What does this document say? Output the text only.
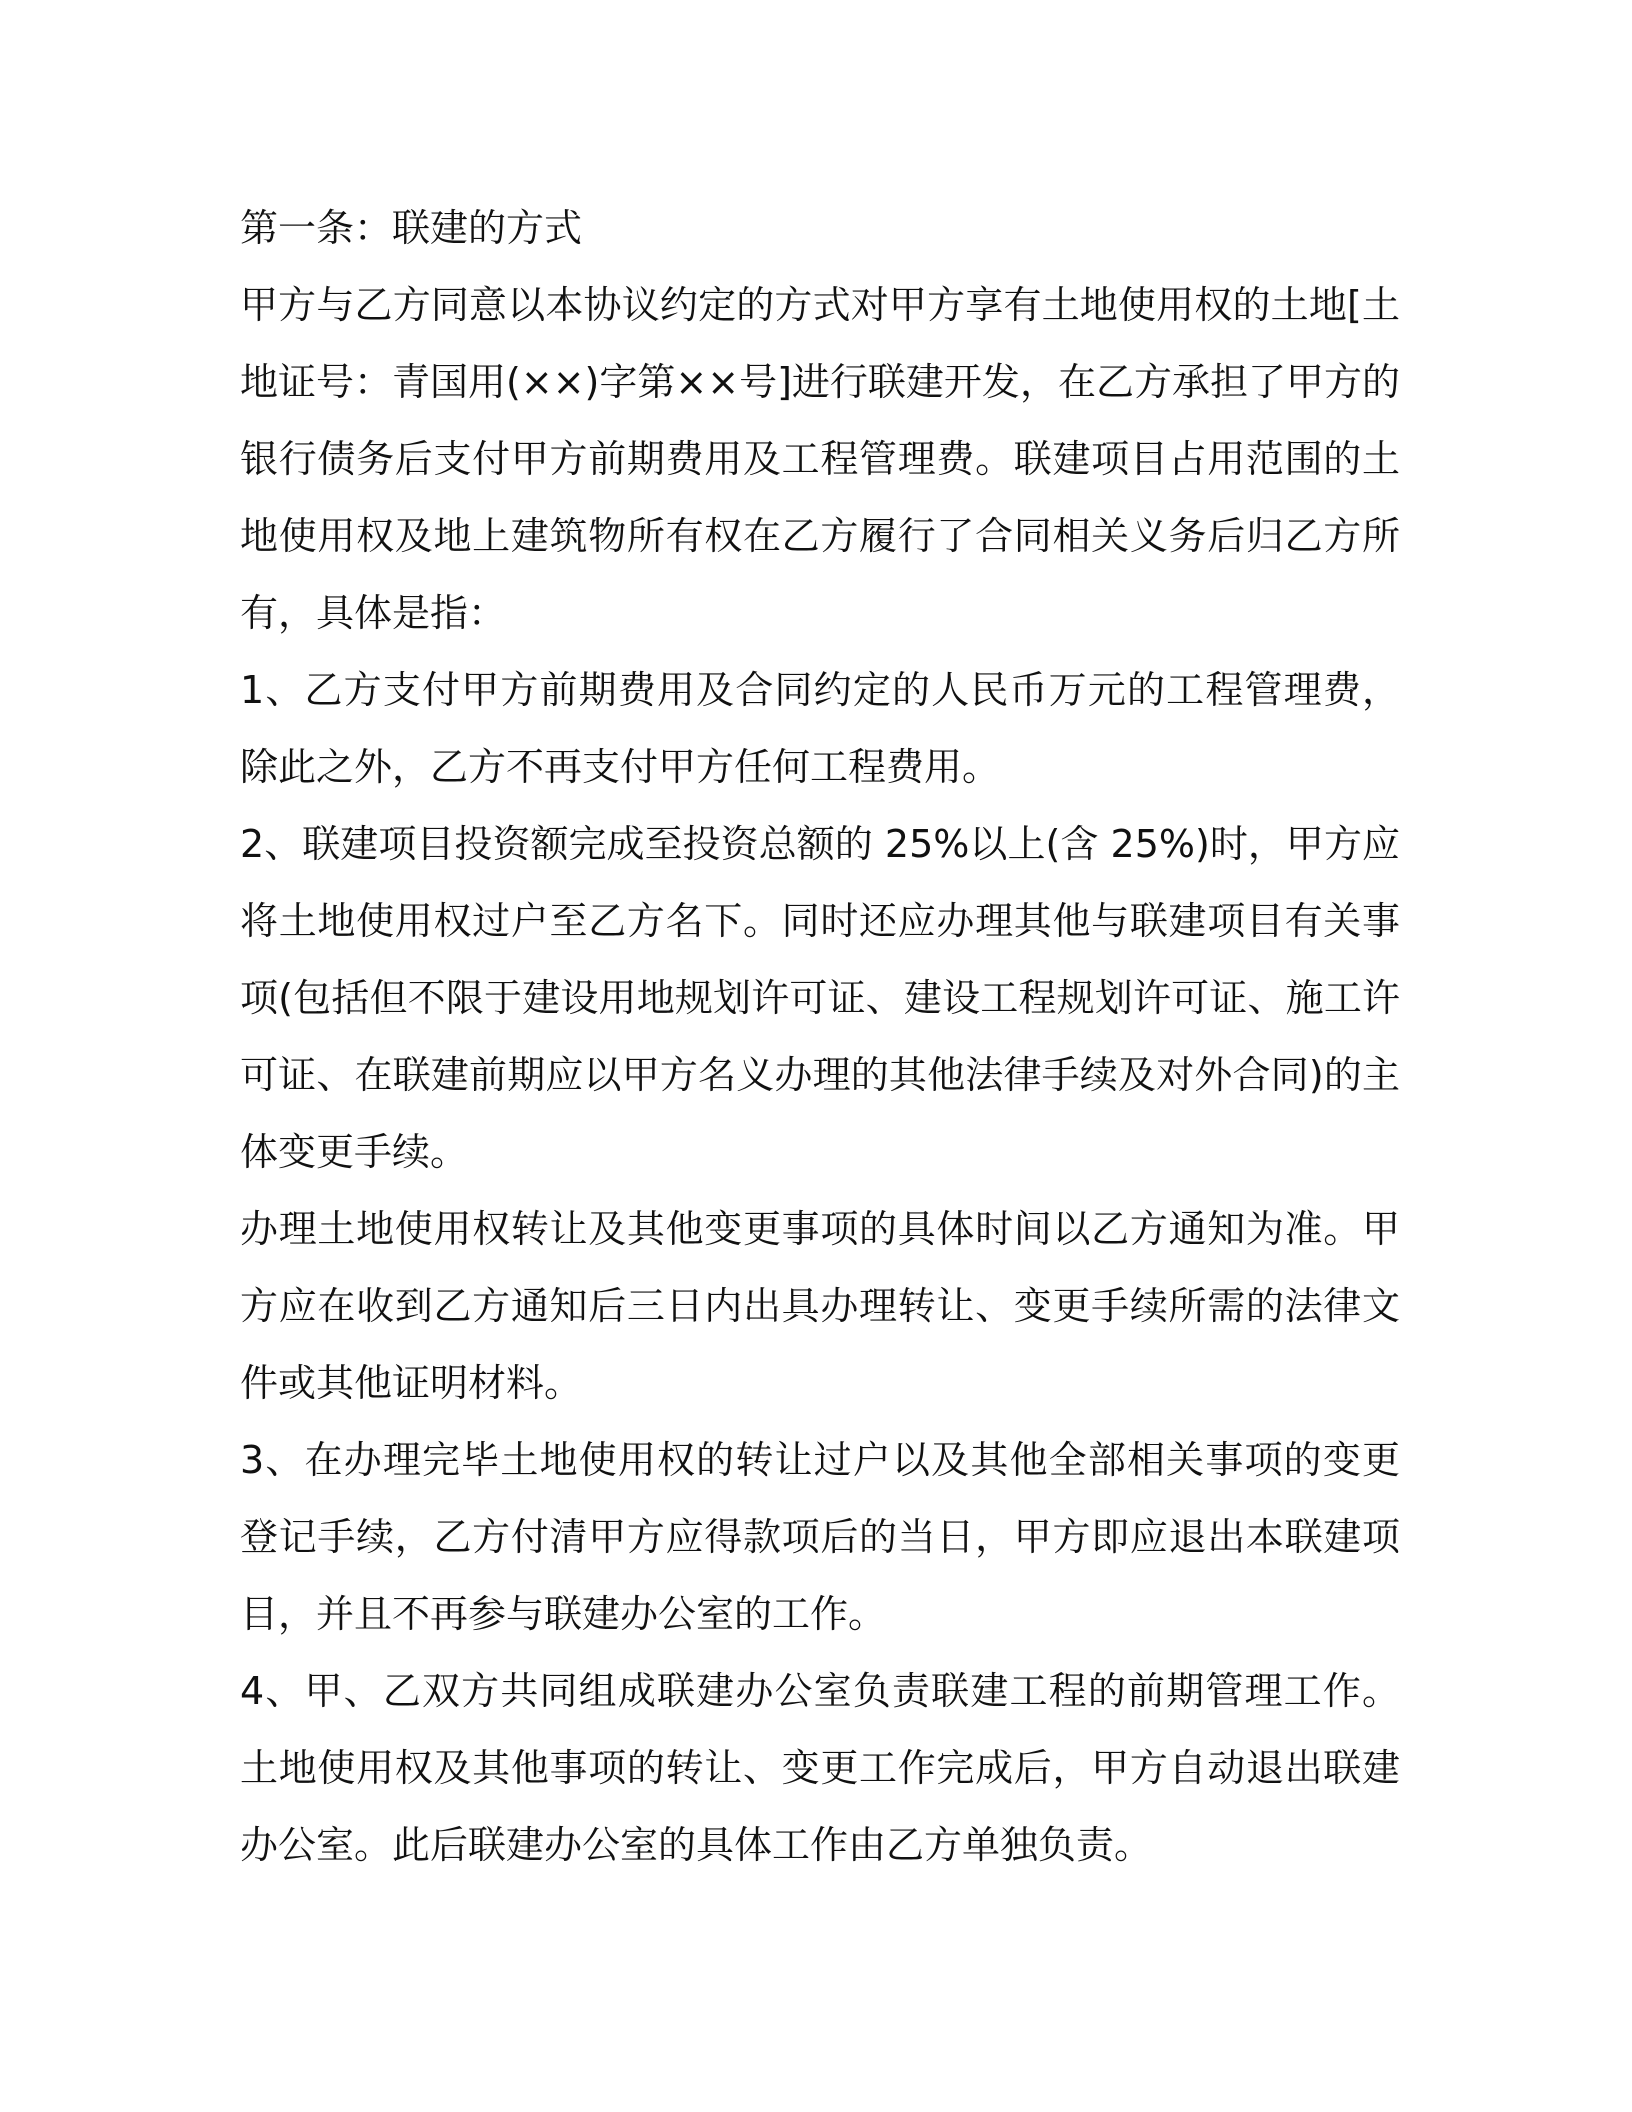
第一条：联建的方式

甲方与乙方同意以本协议约定的方式对甲方享有土地使用权的土地[土地证号：青国用(××)字第××号]进行联建开发，在乙方承担了甲方的银行债务后支付甲方前期费用及工程管理费。联建项目占用范围的土地使用权及地上建筑物所有权在乙方履行了合同相关义务后归乙方所有，具体是指：

1、乙方支付甲方前期费用及合同约定的人民币万元的工程管理费，除此之外，乙方不再支付甲方任何工程费用。

2、联建项目投资额完成至投资总额的 25%以上(含 25%)时，甲方应将土地使用权过户至乙方名下。同时还应办理其他与联建项目有关事项(包括但不限于建设用地规划许可证、建设工程规划许可证、施工许可证、在联建前期应以甲方名义办理的其他法律手续及对外合同)的主体变更手续。

办理土地使用权转让及其他变更事项的具体时间以乙方通知为准。甲方应在收到乙方通知后三日内出具办理转让、变更手续所需的法律文件或其他证明材料。

3、在办理完毕土地使用权的转让过户以及其他全部相关事项的变更登记手续，乙方付清甲方应得款项后的当日，甲方即应退出本联建项目，并且不再参与联建办公室的工作。

4、甲、乙双方共同组成联建办公室负责联建工程的前期管理工作。土地使用权及其他事项的转让、变更工作完成后，甲方自动退出联建办公室。此后联建办公室的具体工作由乙方单独负责。
